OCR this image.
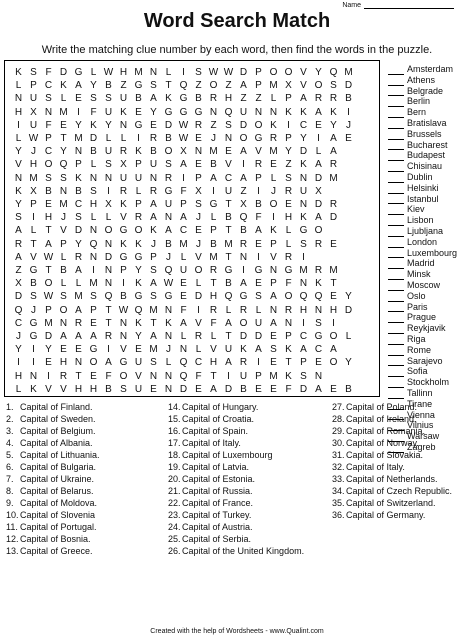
Name
Word Search Match
Write the matching clue number by each word, then find the words in the puzzle.
K S F D G L W H M N L	I	S W W D P O O V Y Q M
L P C K A Y B Z G S T Q Z O Z A P M X V O S D
N U S L E S S U B A K G B R H Z Z L P A R R B
H X N M I	F U K E Y G G G N Q U N N K K A K	I
I U F E Y K Y N G E D W R Z S D O K	I C E Y J
L W P T M D L L	I R B W E J N O G R P Y	I	A E
Y J C Y N B U R K B O X N M E A V M Y D L A
V H O Q P L S X P U S A E B V	I R E Z K A R
N M S S K N N U U N R	I	P A C A P L S N D M
K X B N B S	I R L R G F X	I U Z	I	J R U X
Y P E M C H X K P A U P S G T X B O E N D R
S	I H J S L L V R A N A J L B Q F	I H K A D
A L T V D N O G O K A C E P T B A K L G O
R T A P Y Q N K K J B M J B M R E P L S R E
A V W L R N D G G P J L V M T N	I	V R	I
Z G T B A	I N P Y S Q U O R G I G N G M R M
X B O L L M N	I	K A W E L T B A E P F N K T
D S W S M S Q B G S G E D H Q G S A O Q Q E Y
Q J P O A P T W Q M N F	I R L R L N R H N H D
C G M N R E T N K T K A V F A O U A N	I	S	I
J G D A A A R N Y A N L R L T D D E P C G O L
Y	I	Y E E G I	V E M J N L V U K A S K A C A
I	I	E H N O A G U S L Q C H A R	I	E T P E O Y
H N	I R T E F O V N N Q F T	I U P M K S N
L K V V H H B S U E N D E A D B E E F D A E B
Amsterdam
Athens
Belgrade
Berlin
Bern
Bratislava
Brussels
Bucharest
Budapest
Chisinau
Dublin
Helsinki
Istanbul
Kiev
Lisbon
Ljubljana
London
Luxembourg
Madrid
Minsk
Moscow
Oslo
Paris
Prague
Reykjavik
Riga
Rome
Sarajevo
Sofia
Stockholm
Tallinn
Tirane
Vienna
Vilnius
Warsaw
Zagreb
1. Capital of Finland.
2. Capital of Sweden.
3. Capital of Belgium.
4. Capital of Albania.
5. Capital of Lithuania.
6. Capital of Bulgaria.
7. Capital of Ukraine.
8. Capital of Belarus.
9. Capital of Moldova.
10. Capital of Slovenia
11. Capital of Portugal.
12. Capital of Bosnia.
13. Capital of Greece.
14. Capital of Hungary.
15. Capital of Croatia.
16. Capital of Spain.
17. Capital of Italy.
18. Capital of Luxembourg
19. Capital of Latvia.
20. Capital of Estonia.
21. Capital of Russia.
22. Capital of France.
23. Capital of Turkey.
24. Capital of Austria.
25. Capital of Serbia.
26. Capital of the United Kingdom.
27. Capital of Poland.
28. Capital of Ireland.
29. Capital of Romania.
30. Capital of Norway.
31. Capital of Slovakia.
32. Capital of Italy.
33. Capital of Netherlands.
34. Capital of Czech Republic.
35. Capital of Switzerland.
36. Capital of Germany.
Created with the help of Wordsheets - www.Qualint.com
